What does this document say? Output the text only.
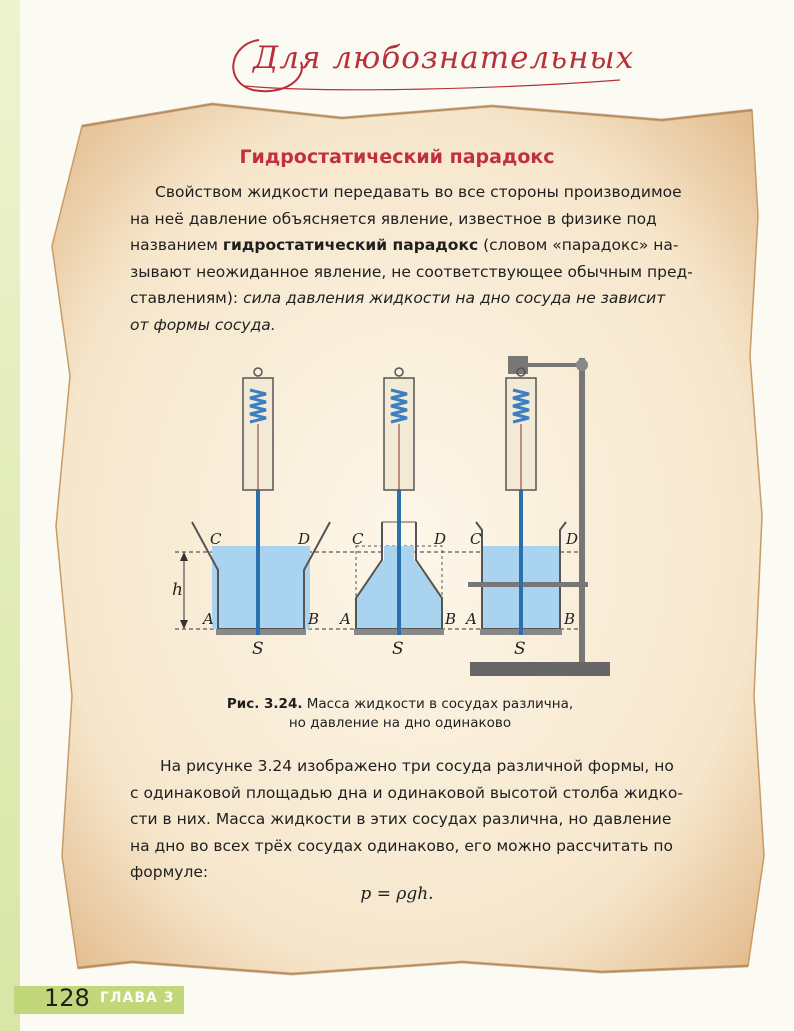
Для любознательных
Гидростатический парадокс
Свойством жидкости передавать во все стороны производимое
на неё давление объясняется явление, известное в физике под
названием гидростатический парадокс (словом «парадокс» на-
зывают неожиданное явление, не соответствующее обычным пред-
ставлениям): сила давления жидкости на дно сосуда не зависит
от формы сосуда.
h
C	D
A	B
S
C	D
A	B
S
C	D
A	B
S
Рис. 3.24. Масса жидкости в сосудах различна,
но давление на дно одинаково
На рисунке 3.24 изображено три сосуда различной формы, но
с одинаковой площадью дна и одинаковой высотой столба жидко-
сти в них. Масса жидкости в этих сосудах различна, но давление
на дно во всех трёх сосудах одинаково, его можно рассчитать по
формуле:
p = ρgh.
128 ГЛАВА 3
